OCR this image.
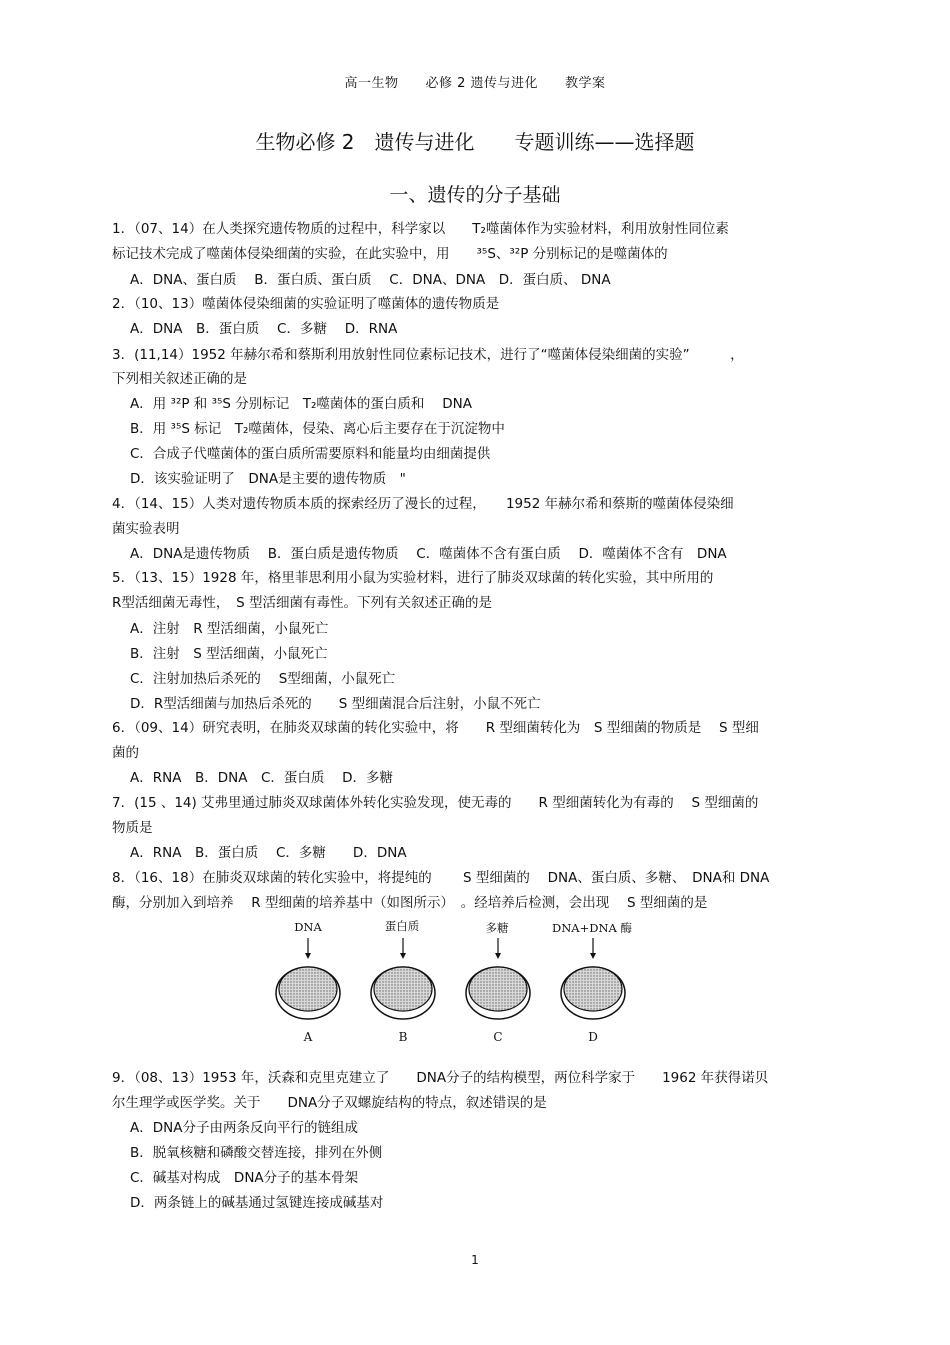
高一生物　　必修 2 遗传与进化　　教学案
生物必修 2　遗传与进化　　专题训练——选择题
一、遗传的分子基础
1．（07、14）在人类探究遗传物质的过程中，科学家以　　T₂噬菌体作为实验材料，利用放射性同位素
标记技术完成了噬菌体侵染细菌的实验，在此实验中，用　　³⁵S、³²P 分别标记的是噬菌体的
A．DNA、蛋白质　 B．蛋白质、蛋白质　 C．DNA、DNA　D．蛋白质、 DNA
2．（10、13）噬菌体侵染细菌的实验证明了噬菌体的遗传物质是
A．DNA　B．蛋白质　 C．多糖　 D．RNA
3．(11,14）1952 年赫尔希和蔡斯利用放射性同位素标记技术，进行了“噬菌体侵染细菌的实验”　　　，
下列相关叙述正确的是
A．用 ³²P 和 ³⁵S 分别标记　T₂噬菌体的蛋白质和　 DNA
B．用 ³⁵S 标记　T₂噬菌体，侵染、离心后主要存在于沉淀物中
C．合成子代噬菌体的蛋白质所需要原料和能量均由细菌提供
D．该实验证明了　DNA是主要的遗传物质　"
4．（14、15）人类对遗传物质本质的探索经历了漫长的过程，　　1952 年赫尔希和蔡斯的噬菌体侵染细
菌实验表明
A．DNA是遗传物质　 B．蛋白质是遗传物质　 C．噬菌体不含有蛋白质　 D．噬菌体不含有　DNA
5．（13、15）1928 年，格里菲思利用小鼠为实验材料，进行了肺炎双球菌的转化实验，其中所用的
R型活细菌无毒性，　S 型活细菌有毒性。下列有关叙述正确的是
A．注射　R 型活细菌，小鼠死亡
B．注射　S 型活细菌，小鼠死亡
C．注射加热后杀死的　 S型细菌，小鼠死亡
D．R型活细菌与加热后杀死的　　S 型细菌混合后注射，小鼠不死亡
6．（09、14）研究表明，在肺炎双球菌的转化实验中，将　　R 型细菌转化为　S 型细菌的物质是　 S 型细
菌的
A．RNA　B．DNA　C．蛋白质　 D．多糖
7．(15 、14) 艾弗里通过肺炎双球菌体外转化实验发现，使无毒的　　R 型细菌转化为有毒的　 S 型细菌的
物质是
A．RNA　B．蛋白质　 C．多糖　　D．DNA
8．（16、18）在肺炎双球菌的转化实验中，将提纯的　　 S 型细菌的　 DNA、蛋白质、多糖、　DNA和 DNA
酶，分别加入到培养　 R 型细菌的培养基中（如图所示）　。经培养后检测，会出现　 S 型细菌的是
DNA	蛋白质	多糖	DNA+DNA 酶
A	B	C	D
9．（08、13）1953 年，沃森和克里克建立了　　DNA分子的结构模型，两位科学家于　　1962 年获得诺贝
尔生理学或医学奖。关于　　DNA分子双螺旋结构的特点，叙述错误的是
A．DNA分子由两条反向平行的链组成
B．脱氧核糖和磷酸交替连接，排列在外侧
C．碱基对构成　DNA分子的基本骨架
D．两条链上的碱基通过氢键连接成碱基对
1
